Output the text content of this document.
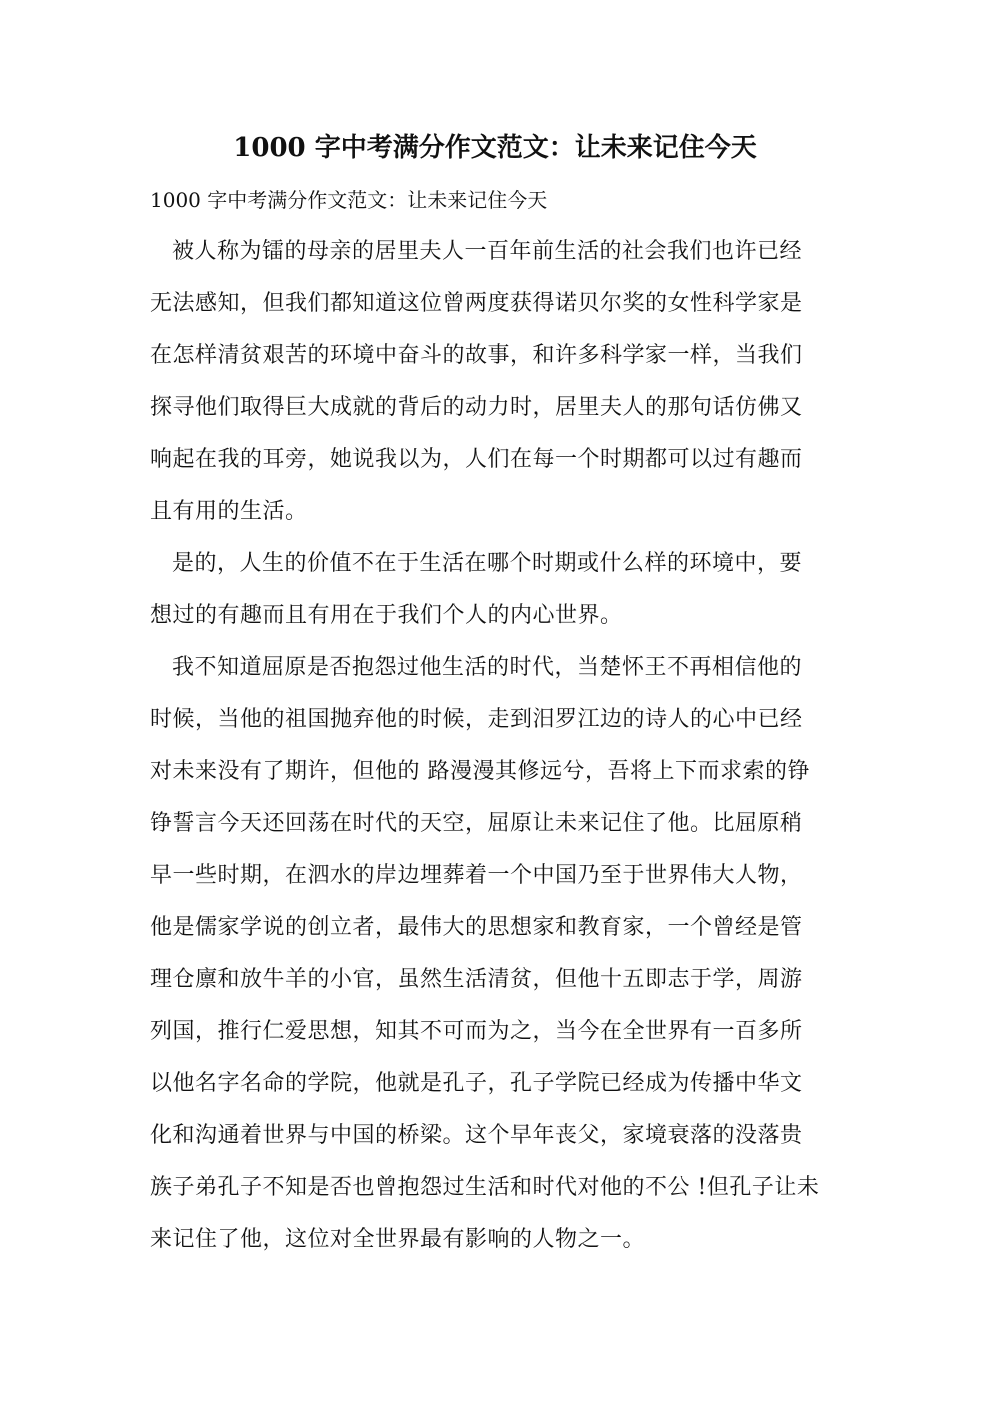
1000 字中考满分作文范文：让未来记住今天
1000 字中考满分作文范文：让未来记住今天
被人称为镭的母亲的居里夫人一百年前生活的社会我们也许已经
无法感知，但我们都知道这位曾两度获得诺贝尔奖的女性科学家是
在怎样清贫艰苦的环境中奋斗的故事，和许多科学家一样，当我们
探寻他们取得巨大成就的背后的动力时，居里夫人的那句话仿佛又
响起在我的耳旁，她说我以为，人们在每一个时期都可以过有趣而
且有用的生活。
是的，人生的价值不在于生活在哪个时期或什么样的环境中，要
想过的有趣而且有用在于我们个人的内心世界。
我不知道屈原是否抱怨过他生活的时代，当楚怀王不再相信他的
时候，当他的祖国抛弃他的时候，走到汨罗江边的诗人的心中已经
对未来没有了期许，但他的 路漫漫其修远兮，吾将上下而求索的铮
铮誓言今天还回荡在时代的天空，屈原让未来记住了他。比屈原稍
早一些时期，在泗水的岸边埋葬着一个中国乃至于世界伟大人物，
他是儒家学说的创立者，最伟大的思想家和教育家，一个曾经是管
理仓廪和放牛羊的小官，虽然生活清贫，但他十五即志于学，周游
列国，推行仁爱思想，知其不可而为之，当今在全世界有一百多所
以他名字名命的学院，他就是孔子，孔子学院已经成为传播中华文
化和沟通着世界与中国的桥梁。这个早年丧父，家境衰落的没落贵
族子弟孔子不知是否也曾抱怨过生活和时代对他的不公 !但孔子让未
来记住了他，这位对全世界最有影响的人物之一。
